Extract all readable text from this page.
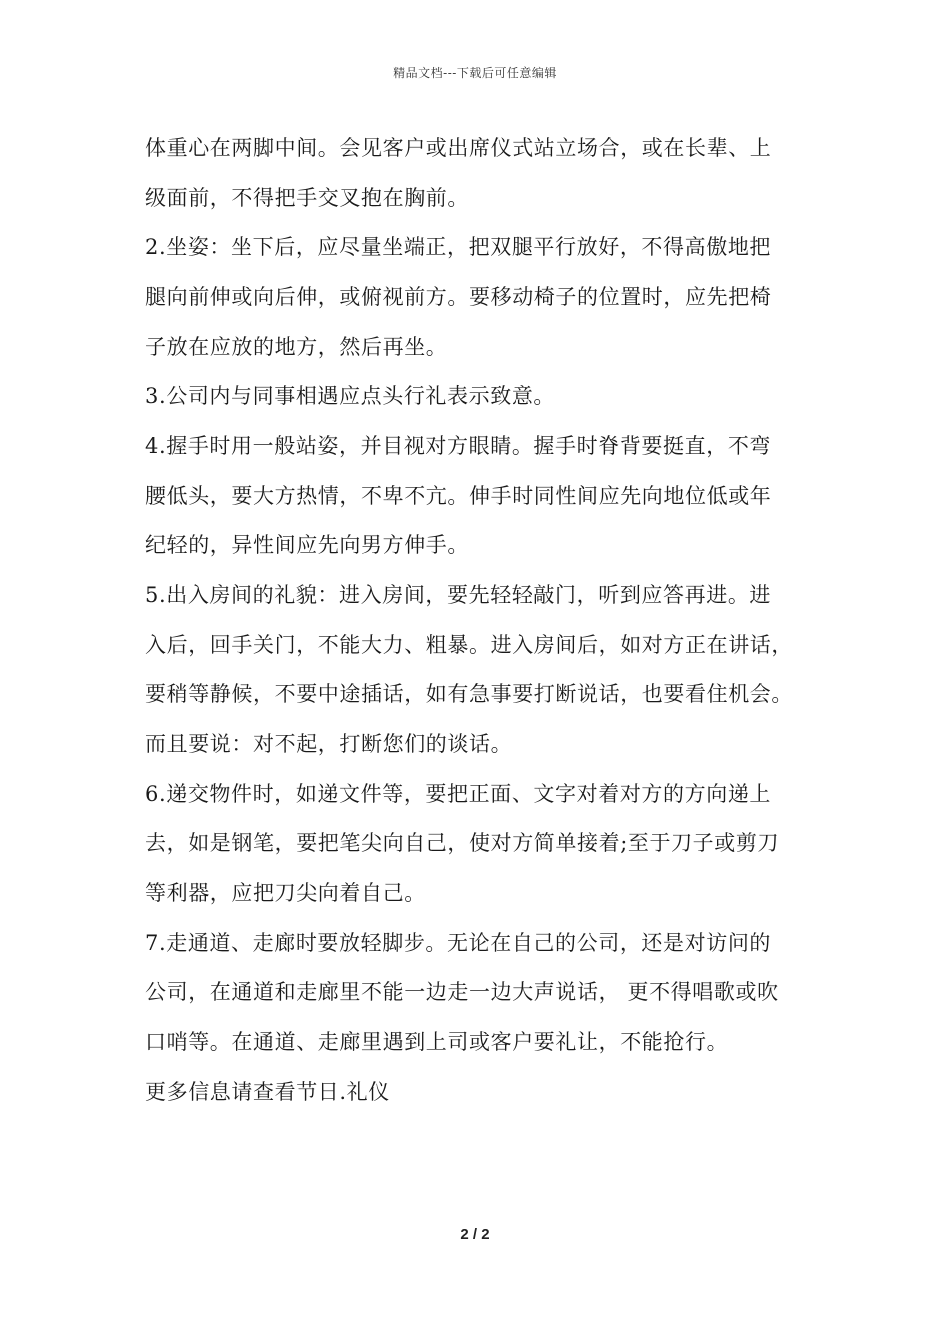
精品文档---下载后可任意编辑
体重心在两脚中间。会见客户或出席仪式站立场合，或在长辈、上
级面前，不得把手交叉抱在胸前。
2.坐姿：坐下后，应尽量坐端正，把双腿平行放好，不得高傲地把
腿向前伸或向后伸，或俯视前方。要移动椅子的位置时，应先把椅
子放在应放的地方，然后再坐。
3.公司内与同事相遇应点头行礼表示致意。
4.握手时用一般站姿，并目视对方眼睛。握手时脊背要挺直，不弯
腰低头，要大方热情，不卑不亢。伸手时同性间应先向地位低或年
纪轻的，异性间应先向男方伸手。
5.出入房间的礼貌：进入房间，要先轻轻敲门，听到应答再进。进
入后，回手关门，不能大力、粗暴。进入房间后，如对方正在讲话，
要稍等静候，不要中途插话，如有急事要打断说话，也要看住机会。
而且要说：对不起，打断您们的谈话。
6.递交物件时，如递文件等，要把正面、文字对着对方的方向递上
去，如是钢笔，要把笔尖向自己，使对方简单接着;至于刀子或剪刀
等利器，应把刀尖向着自己。
7.走通道、走廊时要放轻脚步。无论在自己的公司，还是对访问的
公司，在通道和走廊里不能一边走一边大声说话， 更不得唱歌或吹
口哨等。在通道、走廊里遇到上司或客户要礼让，不能抢行。
更多信息请查看节日.礼仪
2 / 2
